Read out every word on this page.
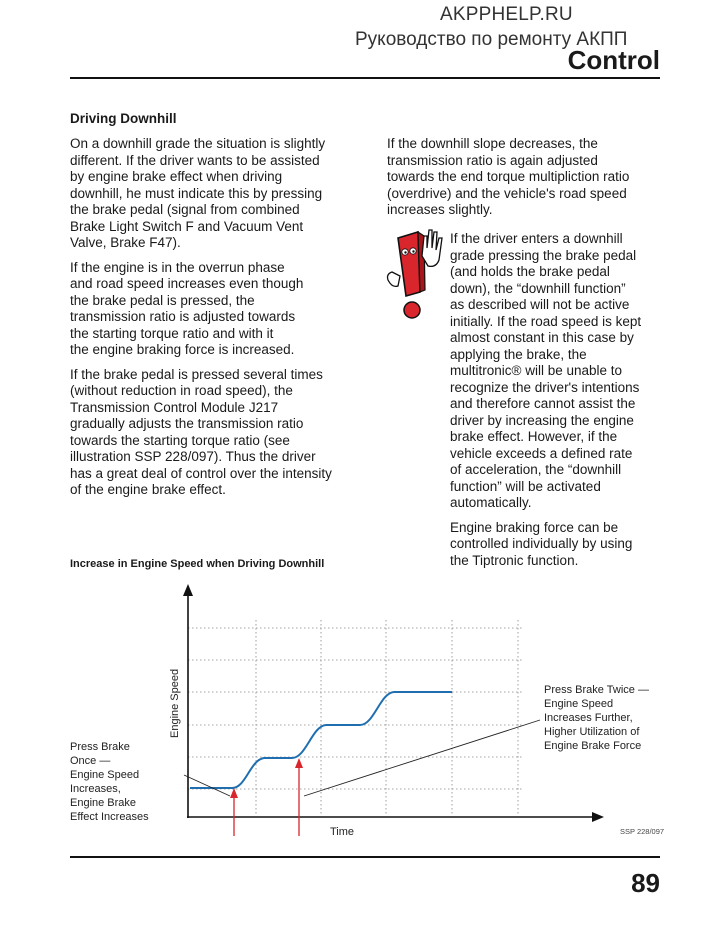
AKPPHELP.RU
Руководство по ремонту АКПП
Control
Driving Downhill

On a downhill grade the situation is slightly
different. If the driver wants to be assisted
by engine brake effect when driving
downhill, he must indicate this by pressing
the brake pedal (signal from combined
Brake Light Switch F and Vacuum Vent
Valve, Brake F47).

If the engine is in the overrun phase
and road speed increases even though
the brake pedal is pressed, the
transmission ratio is adjusted towards
the starting torque ratio and with it
the engine braking force is increased.

If the brake pedal is pressed several times
(without reduction in road speed), the
Transmission Control Module J217
gradually adjusts the transmission ratio
towards the starting torque ratio (see
illustration SSP 228/097). Thus the driver
has a great deal of control over the intensity
of the engine brake effect.

If the downhill slope decreases, the
transmission ratio is again adjusted
towards the end torque multipliction ratio
(overdrive) and the vehicle's road speed
increases slightly.

If the driver enters a downhill
grade pressing the brake pedal
(and holds the brake pedal
down), the “downhill function”
as described will not be active
initially. If the road speed is kept
almost constant in this case by
applying the brake, the
multitronic® will be unable to
recognize the driver's intentions
and therefore cannot assist the
driver by increasing the engine
brake effect. However, if the
vehicle exceeds a defined rate
of acceleration, the “downhill
function” will be activated
automatically.

Engine braking force can be
controlled individually by using
the Tiptronic function.

Increase in Engine Speed when Driving Downhill
Engine Speed
Time
Press Brake
Once —
Engine Speed
Increases,
Engine Brake
Effect Increases
Press Brake Twice —
Engine Speed
Increases Further,
Higher Utilization of
Engine Brake Force
SSP 228/097
89
